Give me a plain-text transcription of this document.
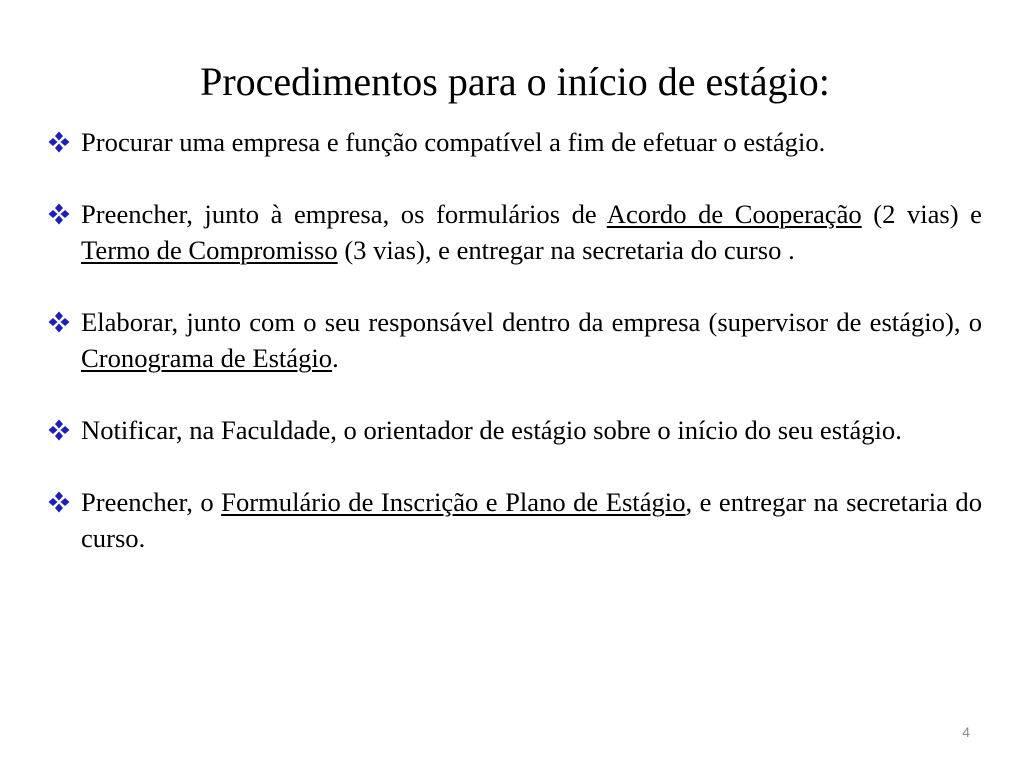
Procedimentos para o início de estágio:
Procurar uma empresa e função compatível a fim de efetuar o estágio.
Preencher, junto à empresa, os formulários de Acordo de Cooperação (2 vias) e Termo de Compromisso (3 vias), e entregar na secretaria do curso .
Elaborar, junto com o seu responsável dentro da empresa (supervisor de estágio), o Cronograma de Estágio.
Notificar, na Faculdade, o orientador de estágio sobre o início do seu estágio.
Preencher, o Formulário de Inscrição e Plano de Estágio, e entregar na secretaria do curso.
4
